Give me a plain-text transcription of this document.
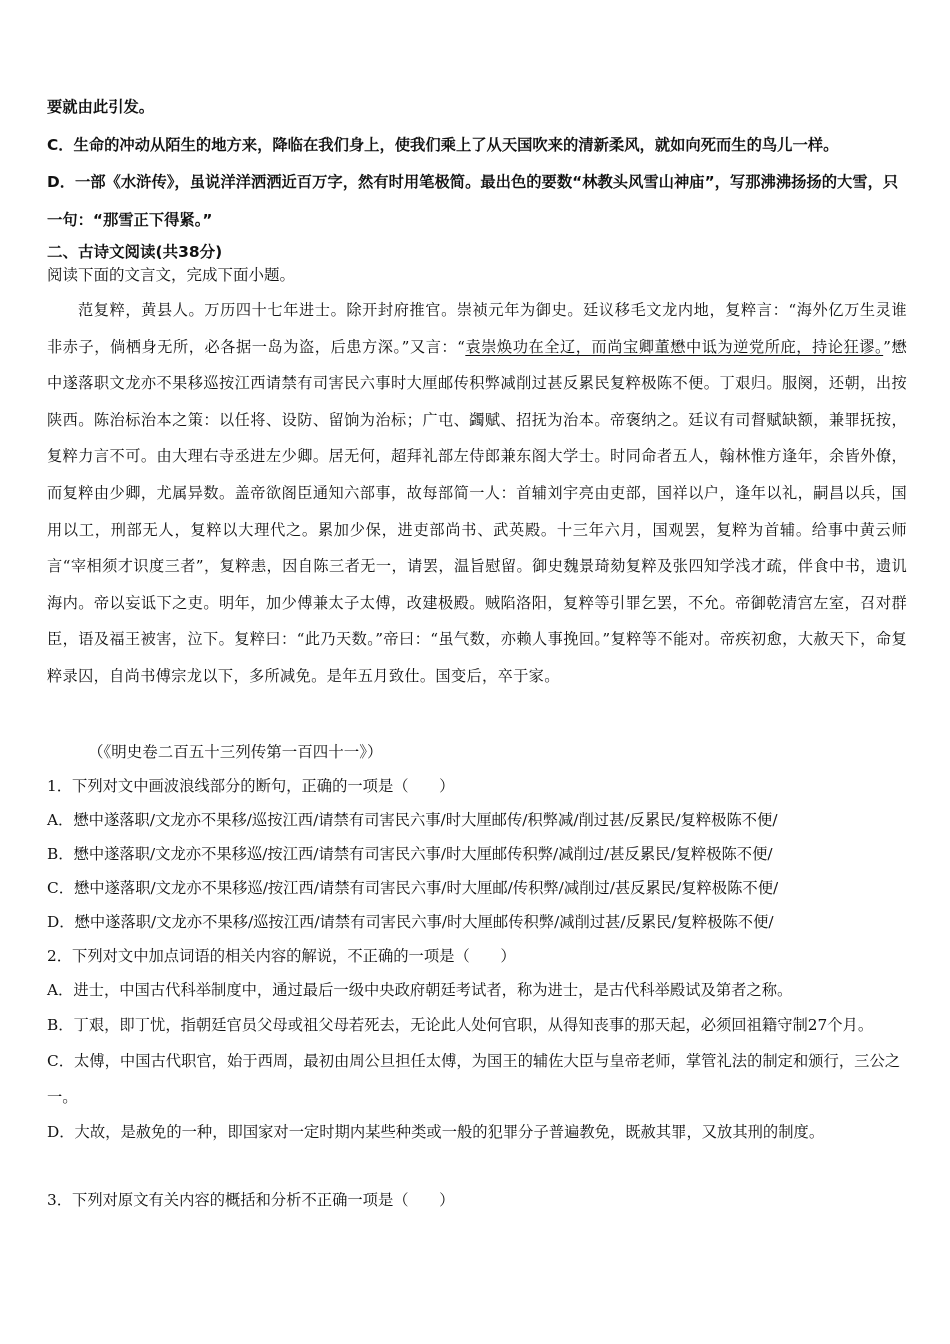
要就由此引发。
C．生命的冲动从陌生的地方来，降临在我们身上，使我们乘上了从天国吹来的清新柔风，就如向死而生的鸟儿一样。
D．一部《水浒传》，虽说洋洋洒洒近百万字，然有时用笔极简。最出色的要数“林教头风雪山神庙”，写那沸沸扬扬的大雪，只一句：“那雪正下得紧。”
二、古诗文阅读(共38分)
阅读下面的文言文，完成下面小题。

范复粹，黄县人。万历四十七年进士。除开封府推官。崇祯元年为御史。廷议移毛文龙内地，复粹言：“海外亿万生灵谁非赤子，倘栖身无所，必各据一岛为盗，后患方深。”又言：“袁崇焕功在全辽，而尚宝卿董懋中诋为逆党所庇，持论狂谬。”懋中遂落职文龙亦不果移巡按江西请禁有司害民六事时大厘邮传积弊减削过甚反累民复粹极陈不便。丁艰归。服阕，还朝，出按陕西。陈治标治本之策：以任将、设防、留饷为治标；广屯、蠲赋、招抚为治本。帝褒纳之。廷议有司督赋缺额，兼罪抚按，复粹力言不可。由大理右寺丞进左少卿。居无何，超拜礼部左侍郎兼东阁大学士。时同命者五人，翰林惟方逢年，余皆外僚，而复粹由少卿，尤属异数。盖帝欲阁臣通知六部事，故每部简一人：首辅刘宇亮由吏部，国祥以户，逢年以礼，嗣昌以兵，国用以工，刑部无人，复粹以大理代之。累加少保，进吏部尚书、武英殿。十三年六月，国观罢，复粹为首辅。给事中黄云师言“宰相须才识度三者”，复粹恚，因自陈三者无一，请罢，温旨慰留。御史魏景琦劾复粹及张四知学浅才疏，伴食中书，遗讥海内。帝以妄诋下之吏。明年，加少傅兼太子太傅，改建极殿。贼陷洛阳，复粹等引罪乞罢，不允。帝御乾清宫左室，召对群臣，语及福王被害，泣下。复粹曰：“此乃天数。”帝曰：“虽气数，亦赖人事挽回。”复粹等不能对。帝疾初愈，大赦天下，命复粹录囚，自尚书傅宗龙以下，多所减免。是年五月致仕。国变后，卒于家。

（《明史卷二百五十三列传第一百四十一》）
1．下列对文中画波浪线部分的断句，正确的一项是（　　）
A．懋中遂落职/文龙亦不果移/巡按江西/请禁有司害民六事/时大厘邮传/积弊减/削过甚/反累民/复粹极陈不便/
B．懋中遂落职/文龙亦不果移巡/按江西/请禁有司害民六事/时大厘邮传积弊/减削过/甚反累民/复粹极陈不便/
C．懋中遂落职/文龙亦不果移巡/按江西/请禁有司害民六事/时大厘邮/传积弊/减削过/甚反累民/复粹极陈不便/
D．懋中遂落职/文龙亦不果移/巡按江西/请禁有司害民六事/时大厘邮传积弊/减削过甚/反累民/复粹极陈不便/
2．下列对文中加点词语的相关内容的解说，不正确的一项是（　　）
A．进士，中国古代科举制度中，通过最后一级中央政府朝廷考试者，称为进士，是古代科举殿试及第者之称。
B．丁艰，即丁忧，指朝廷官员父母或祖父母若死去，无论此人处何官职，从得知丧事的那天起，必须回祖籍守制27个月。
C．太傅，中国古代职官，始于西周，最初由周公旦担任太傅，为国王的辅佐大臣与皇帝老师，掌管礼法的制定和颁行，三公之一。
D．大故，是赦免的一种，即国家对一定时期内某些种类或一般的犯罪分子普遍教免，既赦其罪，又放其刑的制度。
3．下列对原文有关内容的概括和分析不正确一项是（　　）
